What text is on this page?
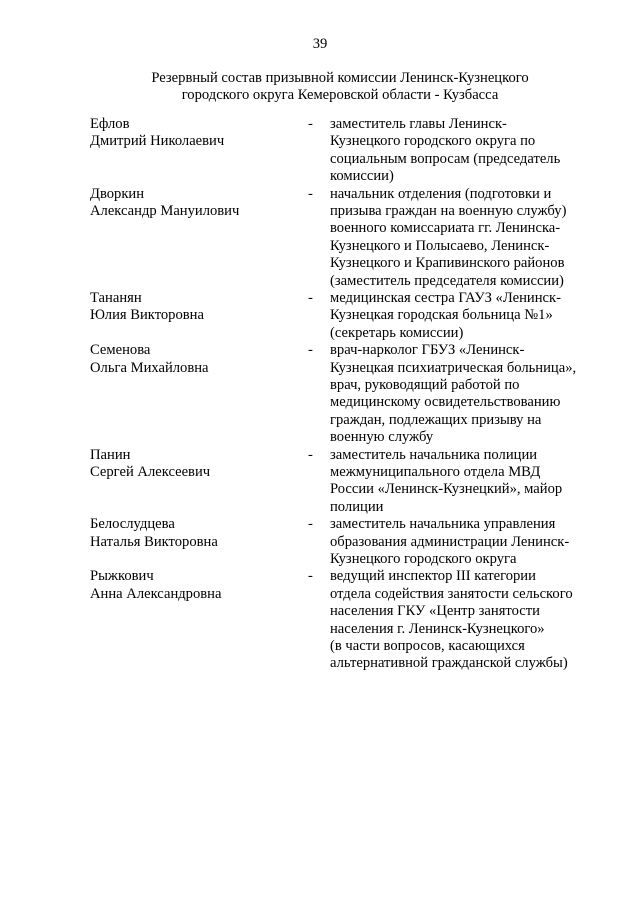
39
Резервный состав призывной комиссии Ленинск-Кузнецкого
городского округа Кемеровской области - Кузбасса
Ефлов
Дмитрий Николаевич
-	заместитель главы Ленинск-
Кузнецкого городского округа по
социальным вопросам (председатель
комиссии)
Дворкин
Александр Мануилович
-	начальник отделения (подготовки и
призыва граждан на военную службу)
военного комиссариата гг. Ленинска-
Кузнецкого и Полысаево, Ленинск-
Кузнецкого и Крапивинского районов
(заместитель председателя комиссии)
Тананян
Юлия Викторовна
-	медицинская сестра ГАУЗ «Ленинск-
Кузнецкая городская больница №1»
(секретарь комиссии)
Семенова
Ольга Михайловна
-	врач-нарколог ГБУЗ «Ленинск-
Кузнецкая психиатрическая больница»,
врач, руководящий работой по
медицинскому освидетельствованию
граждан, подлежащих призыву на
военную службу
Панин
Сергей Алексеевич
-	заместитель начальника полиции
межмуниципального отдела МВД
России «Ленинск-Кузнецкий», майор
полиции
Белослудцева
Наталья Викторовна
-	заместитель начальника управления
образования администрации Ленинск-
Кузнецкого городского округа
Рыжкович
Анна Александровна
-	ведущий инспектор III категории
отдела содействия занятости сельского
населения ГКУ «Центр занятости
населения г. Ленинск-Кузнецкого»
(в части вопросов, касающихся
альтернативной гражданской службы)
